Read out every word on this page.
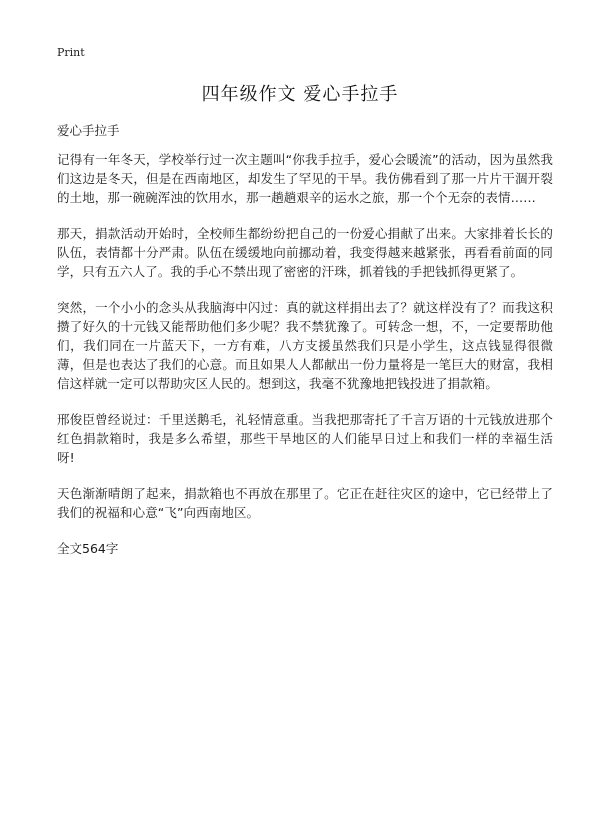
Print
四年级作文 爱心手拉手

爱心手拉手

记得有一年冬天，学校举行过一次主题叫“你我手拉手，爱心会暖流”的活动，因为虽然我们这边是冬天，但是在西南地区，却发生了罕见的干旱。我仿佛看到了那一片片干涸开裂的土地，那一碗碗浑浊的饮用水，那一趟趟艰辛的运水之旅，那一个个无奈的表情……

那天，捐款活动开始时，全校师生都纷纷把自己的一份爱心捐献了出来。大家排着长长的队伍，表情都十分严肃。队伍在缓缓地向前挪动着，我变得越来越紧张，再看看前面的同学，只有五六人了。我的手心不禁出现了密密的汗珠，抓着钱的手把钱抓得更紧了。

突然，一个小小的念头从我脑海中闪过：真的就这样捐出去了？就这样没有了？而我这积攒了好久的十元钱又能帮助他们多少呢？我不禁犹豫了。可转念一想，不，一定要帮助他们，我们同在一片蓝天下，一方有难，八方支援虽然我们只是小学生，这点钱显得很微薄，但是也表达了我们的心意。而且如果人人都献出一份力量将是一笔巨大的财富，我相信这样就一定可以帮助灾区人民的。想到这，我毫不犹豫地把钱投进了捐款箱。

邢俊臣曾经说过：千里送鹅毛，礼轻情意重。当我把那寄托了千言万语的十元钱放进那个红色捐款箱时，我是多么希望，那些干旱地区的人们能早日过上和我们一样的幸福生活呀!

天色渐渐晴朗了起来，捐款箱也不再放在那里了。它正在赶往灾区的途中，它已经带上了我们的祝福和心意“飞”向西南地区。

全文564字
